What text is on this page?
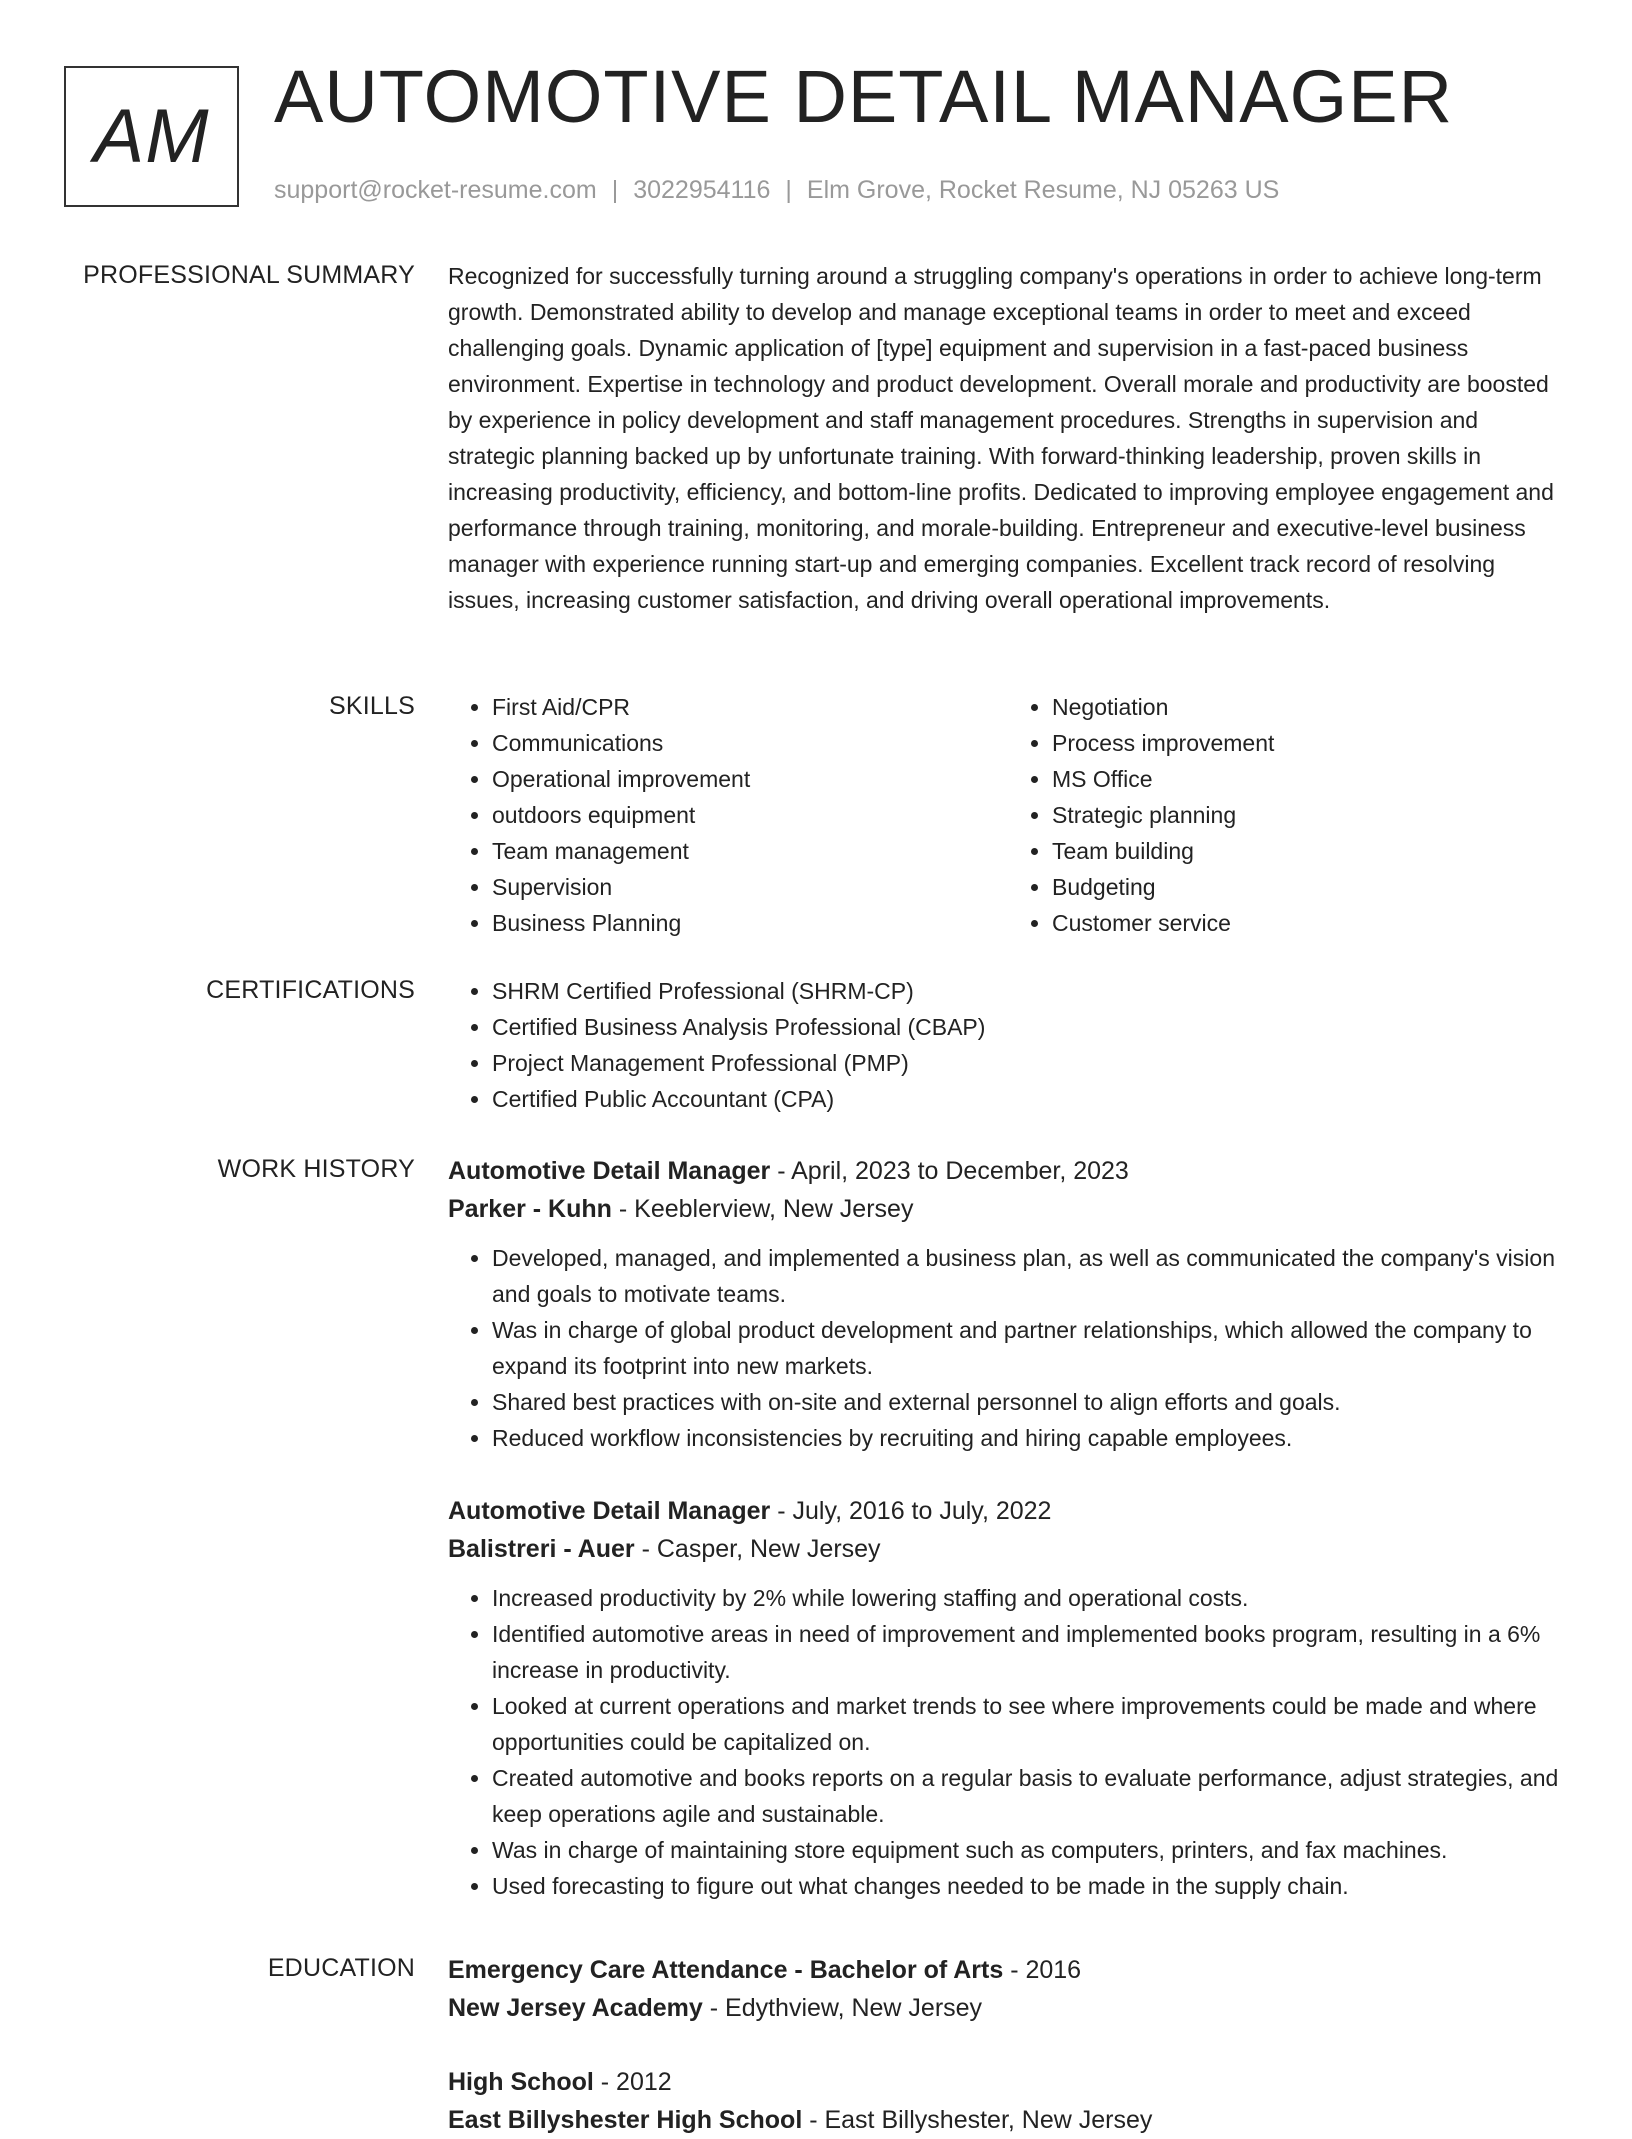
AM AUTOMOTIVE DETAIL MANAGER
support@rocket-resume.com | 3022954116 | Elm Grove, Rocket Resume, NJ 05263 US
PROFESSIONAL SUMMARY Recognized for successfully turning around a struggling company's operations in order to achieve long-term growth. Demonstrated ability to develop and manage exceptional teams in order to meet and exceed challenging goals. Dynamic application of [type] equipment and supervision in a fast-paced business environment. Expertise in technology and product development. Overall morale and productivity are boosted by experience in policy development and staff management procedures. Strengths in supervision and strategic planning backed up by unfortunate training. With forward-thinking leadership, proven skills in increasing productivity, efficiency, and bottom-line profits. Dedicated to improving employee engagement and performance through training, monitoring, and morale-building. Entrepreneur and executive-level business manager with experience running start-up and emerging companies. Excellent track record of resolving issues, increasing customer satisfaction, and driving overall operational improvements.
SKILLS	• First Aid/CPR
• Communications
• Operational improvement
• outdoors equipment
• Team management
• Supervision
• Business Planning
• Negotiation
• Process improvement
• MS Office
• Strategic planning
• Team building
• Budgeting
• Customer service
CERTIFICATIONS	• SHRM Certified Professional (SHRM-CP)
• Certified Business Analysis Professional (CBAP)
• Project Management Professional (PMP)
• Certified Public Accountant (CPA)
WORK HISTORY Automotive Detail Manager - April, 2023 to December, 2023
Parker - Kuhn - Keeblerview, New Jersey
• Developed, managed, and implemented a business plan, as well as communicated the company's vision and goals to motivate teams.
• Was in charge of global product development and partner relationships, which allowed the company to expand its footprint into new markets.
• Shared best practices with on-site and external personnel to align efforts and goals.
• Reduced workflow inconsistencies by recruiting and hiring capable employees.
Automotive Detail Manager - July, 2016 to July, 2022
Balistreri - Auer - Casper, New Jersey
• Increased productivity by 2% while lowering staffing and operational costs.
• Identified automotive areas in need of improvement and implemented books program, resulting in a 6% increase in productivity.
• Looked at current operations and market trends to see where improvements could be made and where opportunities could be capitalized on.
• Created automotive and books reports on a regular basis to evaluate performance, adjust strategies, and keep operations agile and sustainable.
• Was in charge of maintaining store equipment such as computers, printers, and fax machines.
• Used forecasting to figure out what changes needed to be made in the supply chain.
EDUCATION Emergency Care Attendance - Bachelor of Arts - 2016
New Jersey Academy - Edythview, New Jersey
High School - 2012
East Billyshester High School - East Billyshester, New Jersey
